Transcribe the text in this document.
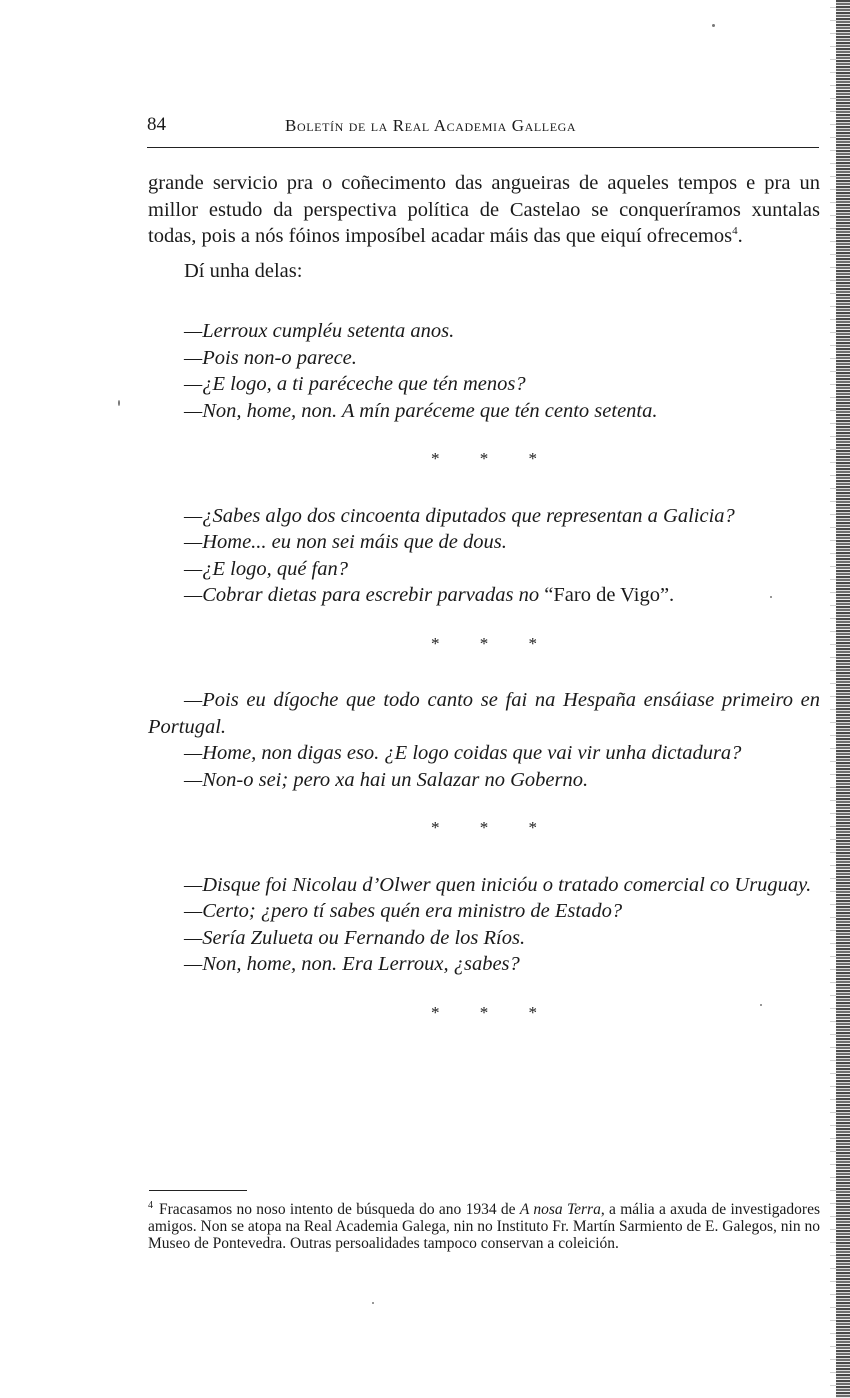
84	Boletín de la Real Academia Gallega

grande servicio pra o coñecimento das angueiras de aqueles tempos e pra un millor estudo da perspectiva política de Castelao se conqueríramos xuntalas todas, pois a nós fóinos imposíbel acadar máis das que eiquí ofrecemos$^4$.

Dí unha delas:

—Lerroux cumpléu setenta anos.

—Pois non-o parece.

—¿E logo, a ti paréceche que tén menos?

—Non, home, non. A mín paréceme que tén cento setenta.

* * *

—¿Sabes algo dos cincoenta diputados que representan a Galicia?

—Home... eu non sei máis que de dous.

—¿E logo, qué fan?

—Cobrar dietas para escrebir parvadas no “Faro de Vigo”.

* * *

—Pois eu dígoche que todo canto se fai na Hespaña ensáiase primeiro en Portugal.

—Home, non digas eso. ¿E logo coidas que vai vir unha dictadura?

—Non-o sei; pero xa hai un Salazar no Goberno.

* * *

—Disque foi Nicolau d’Olwer quen inicióu o tratado comercial co Uruguay.

—Certo; ¿pero tí sabes quén era ministro de Estado?

—Sería Zulueta ou Fernando de los Ríos.

—Non, home, non. Era Lerroux, ¿sabes?

* * *

$^4$ Fracasamos no noso intento de búsqueda do ano 1934 de A nosa Terra, a mália a axuda de investigadores amigos. Non se atopa na Real Academia Galega, nin no Instituto Fr. Martín Sarmiento de E. Galegos, nin no Museo de Pontevedra. Outras persoalidades tampoco conservan a coleición.
